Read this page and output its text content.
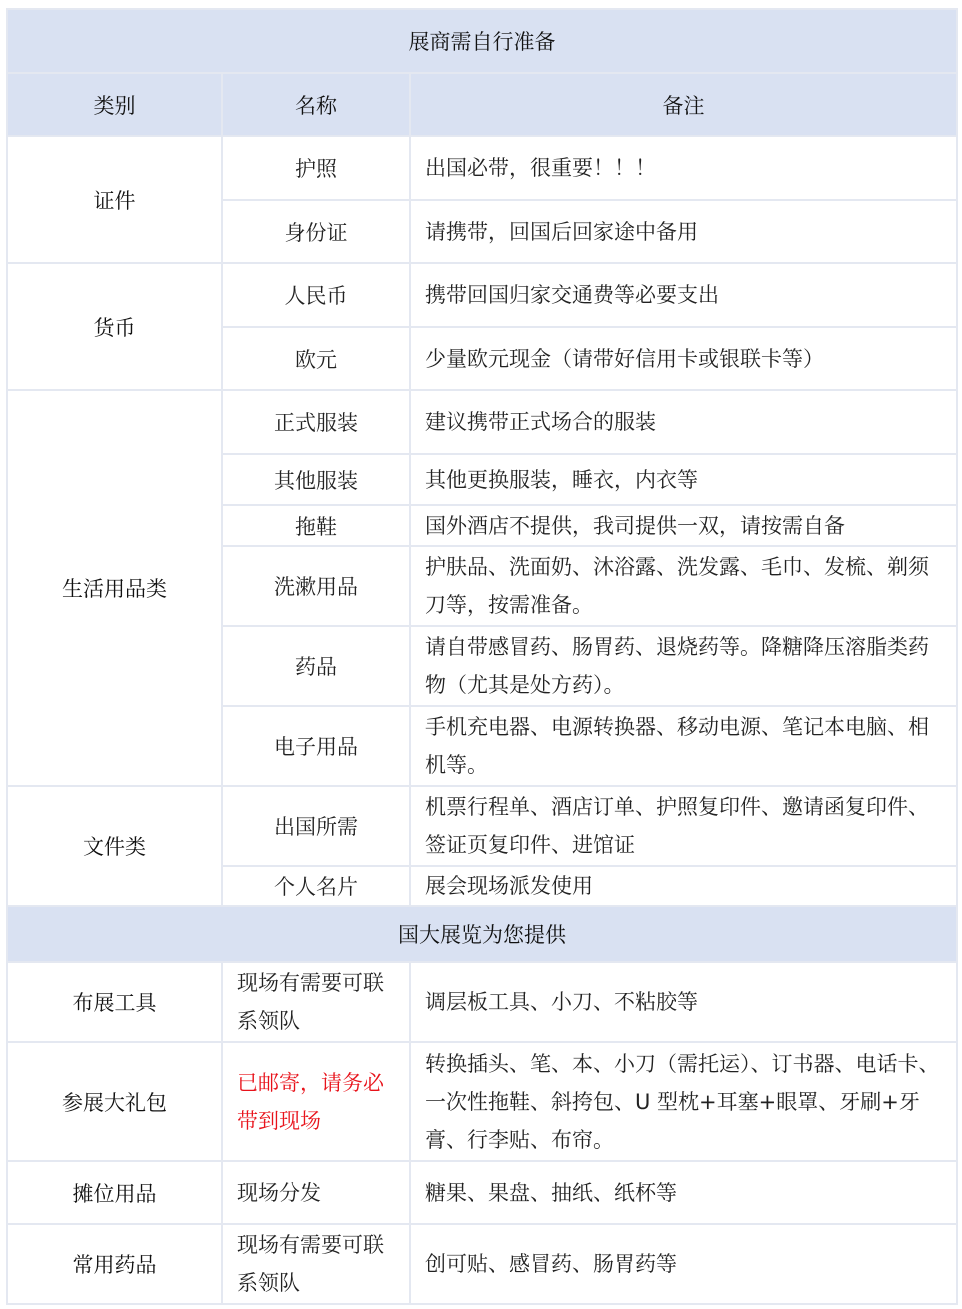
展商需自行准备		
类别	名称	备注
证件	护照	出国必带，很重要！！！
	身份证	请携带，回国后回家途中备用
货币	人民币	携带回国归家交通费等必要支出
	欧元	少量欧元现金（请带好信用卡或银联卡等）
生活用品类	正式服装	建议携带正式场合的服装
	其他服装	其他更换服装，睡衣，内衣等
	拖鞋	国外酒店不提供，我司提供一双，请按需自备
	洗漱用品	护肤品、洗面奶、沐浴露、洗发露、毛巾、发梳、剃须刀等，按需准备。
	药品	请自带感冒药、肠胃药、退烧药等。降糖降压溶脂类药物（尤其是处方药）。
	电子用品	手机充电器、电源转换器、移动电源、笔记本电脑、相机等。
文件类	出国所需	机票行程单、酒店订单、护照复印件、邀请函复印件、签证页复印件、进馆证
	个人名片	展会现场派发使用
国大展览为您提供		
布展工具	现场有需要可联系领队	调层板工具、小刀、不粘胶等
参展大礼包	已邮寄，请务必带到现场	转换插头、笔、本、小刀（需托运）、订书器、电话卡、一次性拖鞋、斜挎包、U 型枕+耳塞+眼罩、牙刷+牙膏、行李贴、布帘。
摊位用品	现场分发	糖果、果盘、抽纸、纸杯等
常用药品	现场有需要可联系领队	创可贴、感冒药、肠胃药等
